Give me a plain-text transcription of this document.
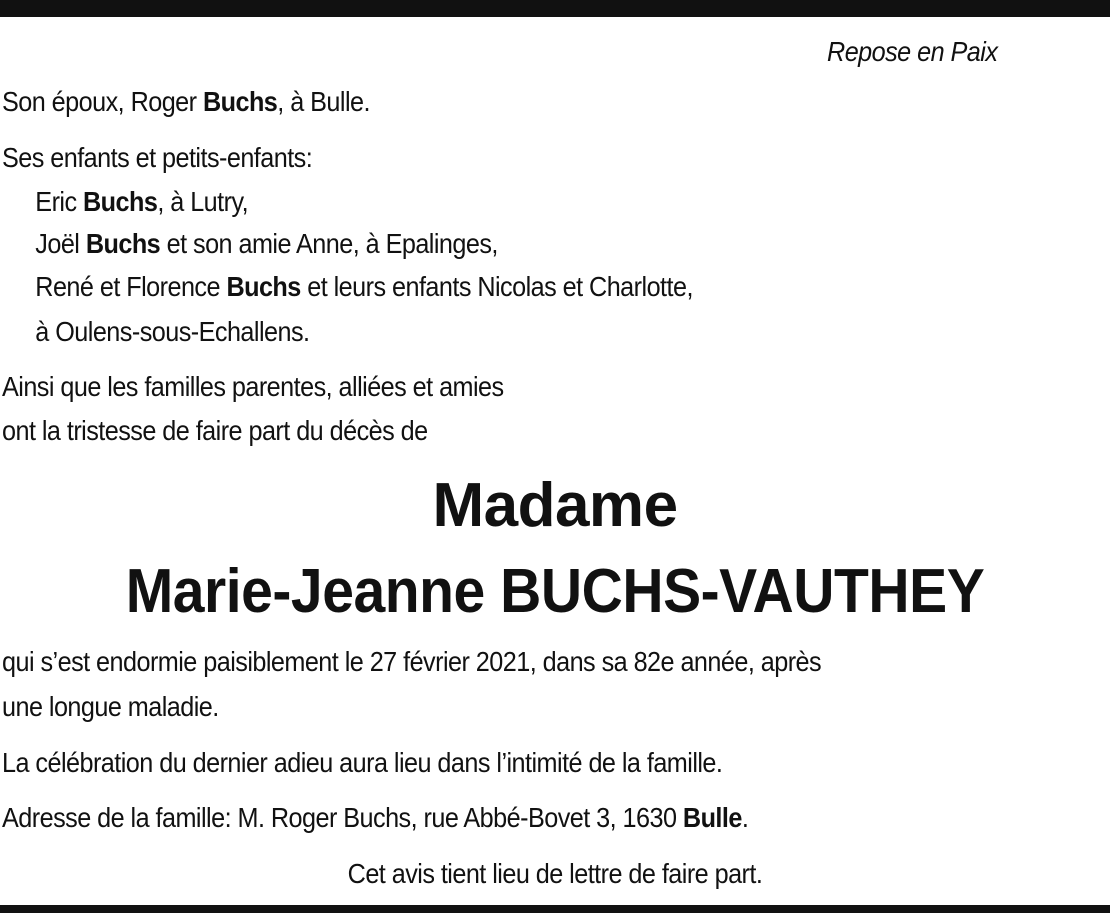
Repose en Paix
Son époux, Roger Buchs, à Bulle.
Ses enfants et petits-enfants:
Eric Buchs, à Lutry,
Joël Buchs et son amie Anne, à Epalinges,
René et Florence Buchs et leurs enfants Nicolas et Charlotte,
à Oulens-sous-Echallens.
Ainsi que les familles parentes, alliées et amies
ont la tristesse de faire part du décès de
qui s’est endormie paisiblement le 27 février 2021, dans sa 82e année, après
une longue maladie.
La célébration du dernier adieu aura lieu dans l’intimité de la famille.
Adresse de la famille: M. Roger Buchs, rue Abbé-Bovet 3, 1630 Bulle.
Madame
Marie-Jeanne BUCHS-VAUTHEY
Cet avis tient lieu de lettre de faire part.
